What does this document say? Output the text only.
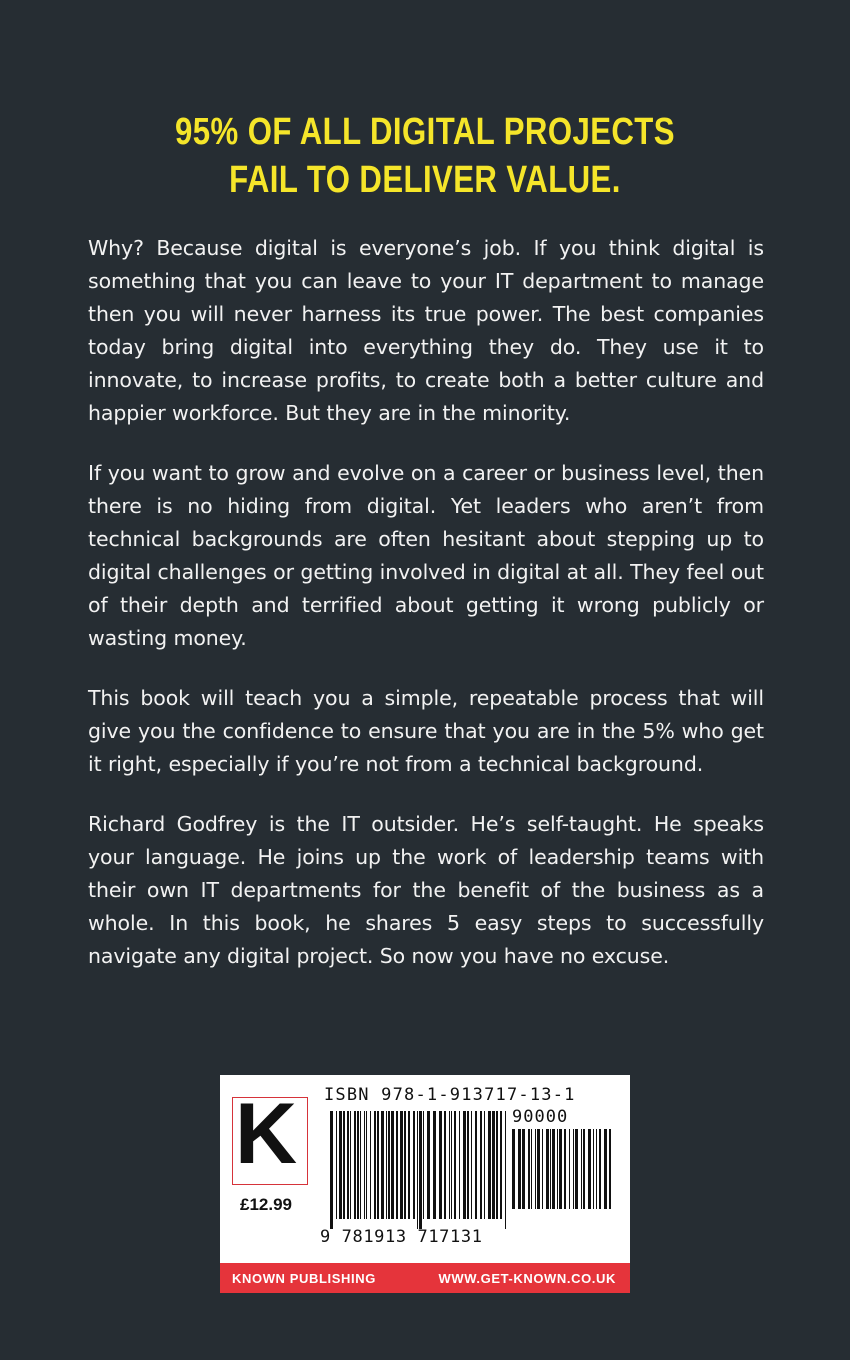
95% OF ALL DIGITAL PROJECTS
FAIL TO DELIVER VALUE.

Why? Because digital is everyone’s job. If you think digital is something that you can leave to your IT department to manage then you will never harness its true power. The best companies today bring digital into everything they do. They use it to innovate, to increase profits, to create both a better culture and happier workforce. But they are in the minority.

If you want to grow and evolve on a career or business level, then there is no hiding from digital. Yet leaders who aren’t from technical backgrounds are often hesitant about stepping up to digital challenges or getting involved in digital at all. They feel out of their depth and terrified about getting it wrong publicly or wasting money.

This book will teach you a simple, repeatable process that will give you the confidence to ensure that you are in the 5% who get it right, especially if you’re not from a technical background.

Richard Godfrey is the IT outsider. He’s self-taught. He speaks your language. He joins up the work of leadership teams with their own IT departments for the benefit of the business as a whole. In this book, he shares 5 easy steps to successfully navigate any digital project. So now you have no excuse.

K
£12.99
ISBN 978-1-913717-13-1
90000
9 781913 717131
KNOWN PUBLISHING	WWW.GET-KNOWN.CO.UK
